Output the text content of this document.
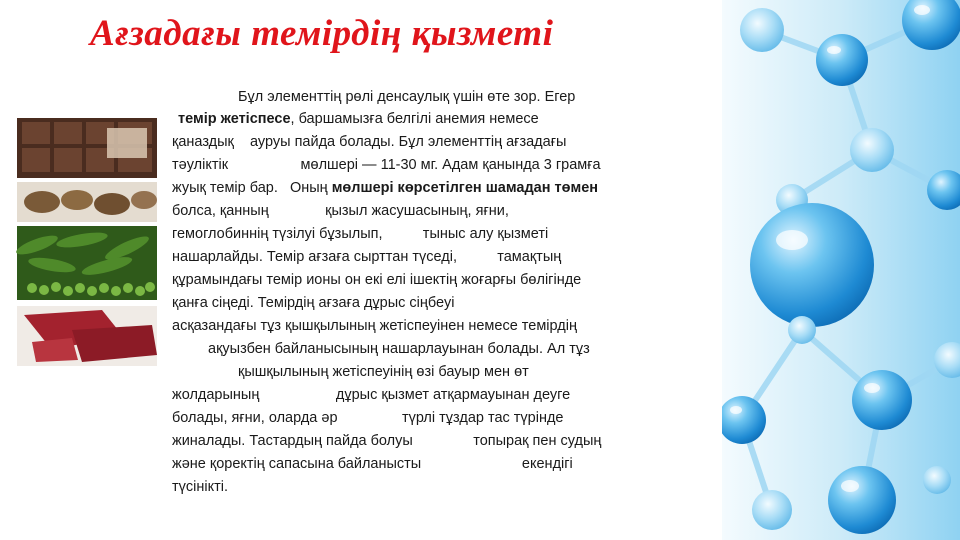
Ағзадағы темірдің қызметі
Бұл элементтің рөлі денсаулық үшін өте зор. Егер
темір жетіспесе, баршамызға белгілі анемия немесе
қаназдық    ауруы пайда болады. Бұл элементтің ағзадағы
тәуліктік                  мөлшері — 11-30 мг. Адам қанында 3 грамға
жуық темір бар.   Оның мөлшері көрсетілген шамадан төмен
болса, қанның              қызыл жасушасының, яғни,
гемоглобиннің түзілуі бұзылып,          тыныс алу қызметі
нашарлайды. Темір ағзаға сырттан түседі,          тамақтың
құрамындағы темір ионы он екі елі ішектің жоғарғы бөлігінде
қанға сіңеді. Темірдің ағзаға дұрыс сіңбеуі
асқазандағы тұз қышқылының жетіспеуінен немесе темірдің
ақуызбен байланысының нашарлауынан болады. Ал тұз
қышқылының жетіспеуінің өзі бауыр мен өт
жолдарының                   дұрыс қызмет атқармауынан деуге
болады, яғни, оларда әр                түрлі тұздар тас түрінде
жиналады. Тастардың пайда болуы               топырақ пен судың
және қоректің сапасына байланысты                         екендігі
түсінікті.
